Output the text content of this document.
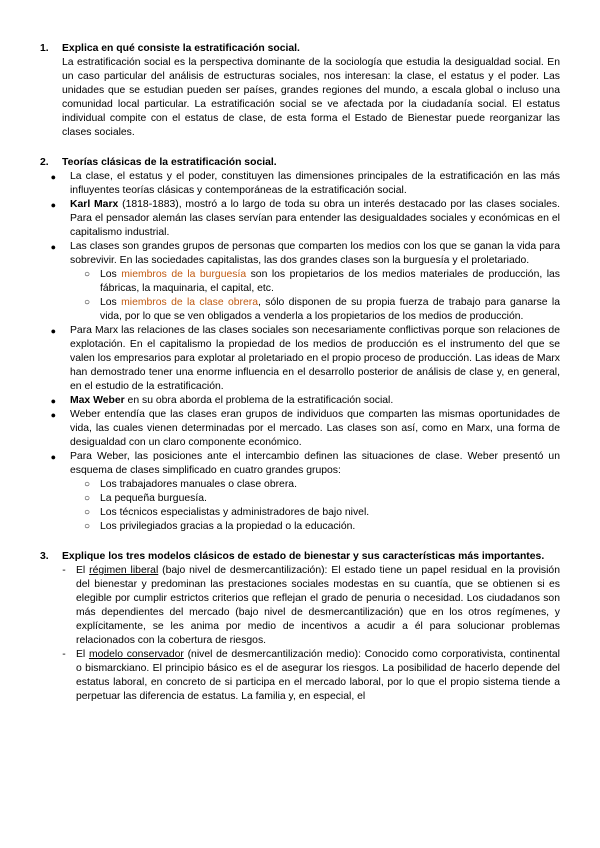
1.	Explica en qué consiste la estratificación social.
La estratificación social es la perspectiva dominante de la sociología que estudia la desigualdad social. En un caso particular del análisis de estructuras sociales, nos interesan: la clase, el estatus y el poder. Las unidades que se estudian pueden ser países, grandes regiones del mundo, a escala global o incluso una comunidad local particular. La estratificación social se ve afectada por la ciudadanía social. El estatus individual compite con el estatus de clase, de esta forma el Estado de Bienestar puede reorganizar las clases sociales.
2.	Teorías clásicas de la estratificación social.
●	La clase, el estatus y el poder, constituyen las dimensiones principales de la estratificación en las más influyentes teorías clásicas y contemporáneas de la estratificación social.
●	Karl Marx (1818-1883), mostró a lo largo de toda su obra un interés destacado por las clases sociales. Para el pensador alemán las clases servían para entender las desigualdades sociales y económicas en el capitalismo industrial.
●	Las clases son grandes grupos de personas que comparten los medios con los que se ganan la vida para sobrevivir. En las sociedades capitalistas, las dos grandes clases son la burguesía y el proletariado.
○ Los miembros de la burguesía son los propietarios de los medios materiales de producción, las fábricas, la maquinaria, el capital, etc.
○ Los miembros de la clase obrera, sólo disponen de su propia fuerza de trabajo para ganarse la vida, por lo que se ven obligados a venderla a los propietarios de los medios de producción.
●	Para Marx las relaciones de las clases sociales son necesariamente conflictivas porque son relaciones de explotación. En el capitalismo la propiedad de los medios de producción es el instrumento del que se valen los empresarios para explotar al proletariado en el propio proceso de producción. Las ideas de Marx han demostrado tener una enorme influencia en el desarrollo posterior de análisis de clase y, en general, en el estudio de la estratificación.
●	Max Weber en su obra aborda el problema de la estratificación social.
●	Weber entendía que las clases eran grupos de individuos que comparten las mismas oportunidades de vida, las cuales vienen determinadas por el mercado. Las clases son así, como en Marx, una forma de desigualdad con un claro componente económico.
●	Para Weber, las posiciones ante el intercambio definen las situaciones de clase. Weber presentó un esquema de clases simplificado en cuatro grandes grupos:
○ Los trabajadores manuales o clase obrera.
○ La pequeña burguesía.
○ Los técnicos especialistas y administradores de bajo nivel.
○ Los privilegiados gracias a la propiedad o la educación.
3.	Explique los tres modelos clásicos de estado de bienestar y sus características más importantes.
- El régimen liberal (bajo nivel de desmercantilización): El estado tiene un papel residual en la provisión del bienestar y predominan las prestaciones sociales modestas en su cuantía, que se obtienen si es elegible por cumplir estrictos criterios que reflejan el grado de penuria o necesidad. Los ciudadanos son más dependientes del mercado (bajo nivel de desmercantilización) que en los otros regímenes, y explícitamente, se les anima por medio de incentivos a acudir a él para solucionar problemas relacionados con la cobertura de riesgos.
- El modelo conservador (nivel de desmercantilización medio): Conocido como corporativista, continental o bismarckiano. El principio básico es el de asegurar los riesgos. La posibilidad de hacerlo depende del estatus laboral, en concreto de si participa en el mercado laboral, por lo que el propio sistema tiende a perpetuar las diferencia de estatus. La familia y, en especial, el
